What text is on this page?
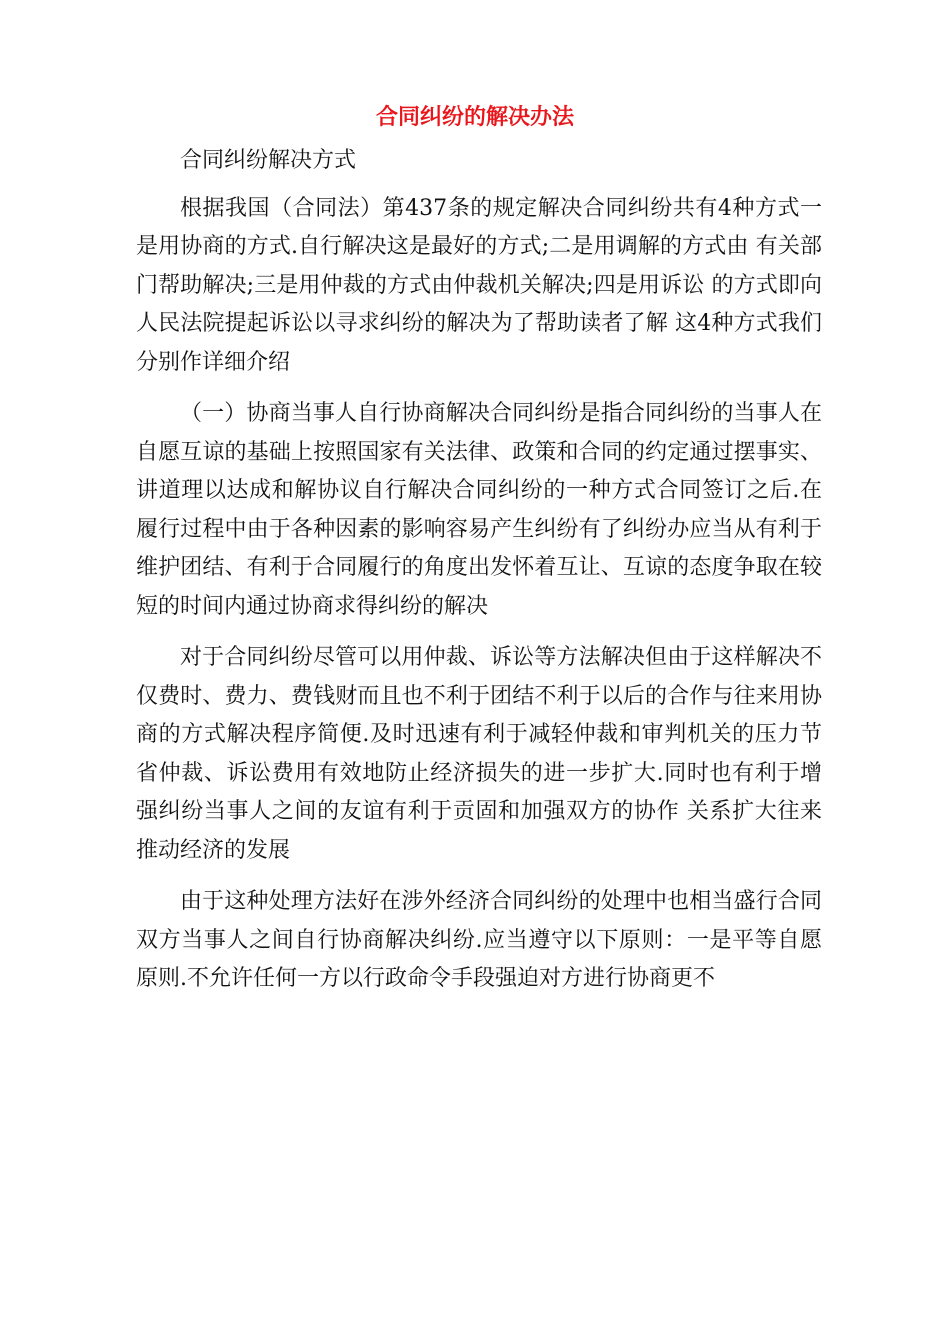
合同纠纷的解决办法

合同纠纷解决方式

根据我国（合同法）第437条的规定解决合同纠纷共有4种方式一是用协商的方式.自行解决这是最好的方式;二是用调解的方式由 有关部门帮助解决;三是用仲裁的方式由仲裁机关解决;四是用诉讼 的方式即向人民法院提起诉讼以寻求纠纷的解决为了帮助读者了解 这4种方式我们分别作详细介绍

（一）协商当事人自行协商解决合同纠纷是指合同纠纷的当事人在自愿互谅的基础上按照国家有关法律、政策和合同的约定通过摆事实、讲道理以达成和解协议自行解决合同纠纷的一种方式合同签订之后.在履行过程中由于各种因素的影响容易产生纠纷有了纠纷办应当从有利于维护团结、有利于合同履行的角度出发怀着互让、互谅的态度争取在较短的时间内通过协商求得纠纷的解决

对于合同纠纷尽管可以用仲裁、诉讼等方法解决但由于这样解决不仅费时、费力、费钱财而且也不利于团结不利于以后的合作与往来用协商的方式解决程序简便.及时迅速有利于减轻仲裁和审判机关的压力节省仲裁、诉讼费用有效地防止经济损失的进一步扩大.同时也有利于增强纠纷当事人之间的友谊有利于贡固和加强双方的协作 关系扩大往来推动经济的发展

由于这种处理方法好在涉外经济合同纠纷的处理中也相当盛行合同双方当事人之间自行协商解决纠纷.应当遵守以下原则：一是平等自愿原则.不允许任何一方以行政命令手段强迫对方进行协商更不
